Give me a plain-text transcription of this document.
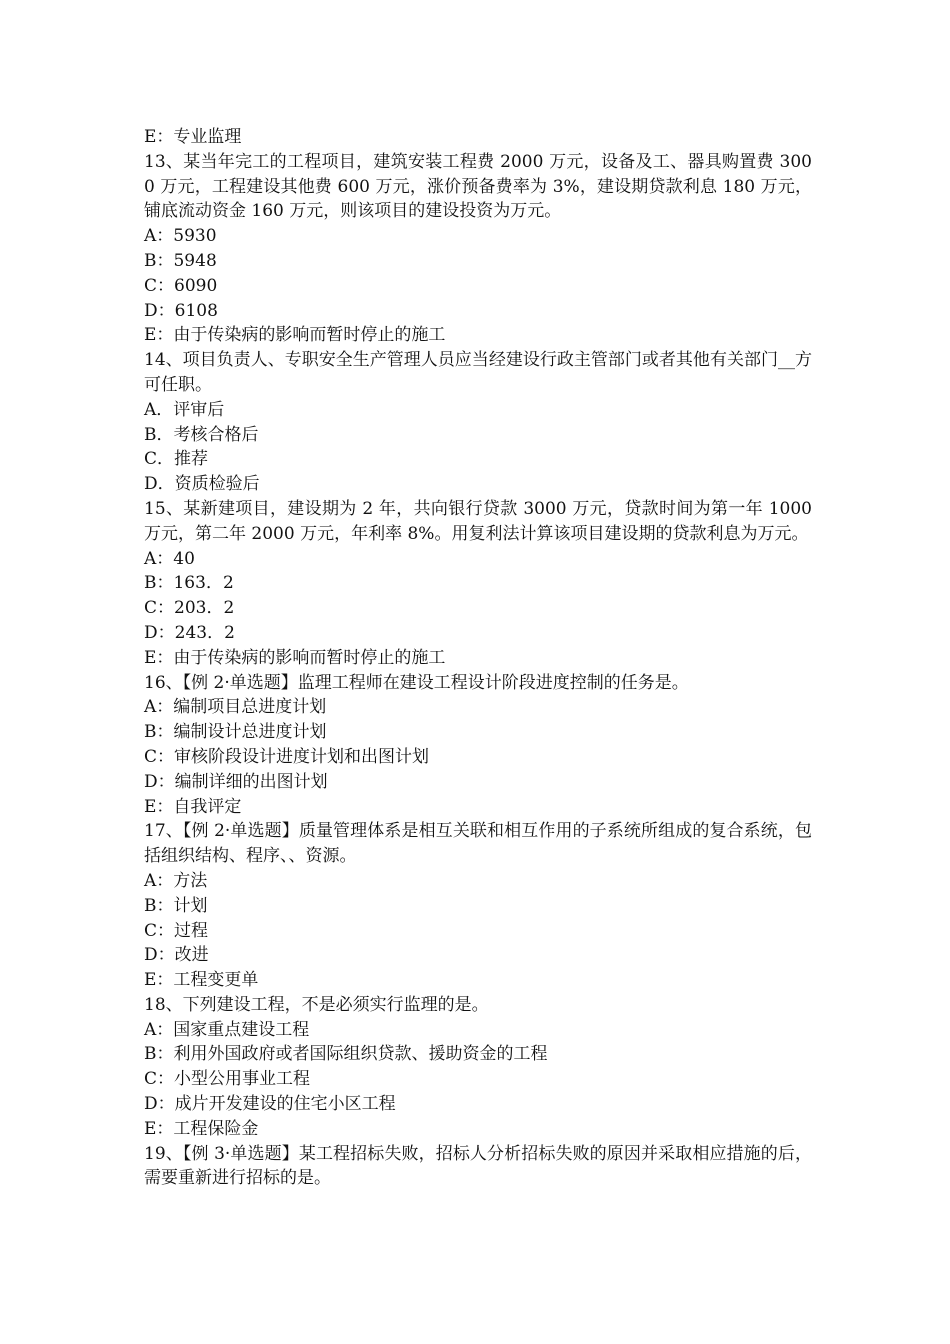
E：专业监理

13、某当年完工的工程项目，建筑安装工程费 2000 万元，设备及工、器具购置费 3000 万元，工程建设其他费 600 万元，涨价预备费率为 3%，建设期贷款利息 180 万元，铺底流动资金 160 万元，则该项目的建设投资为万元。

A：5930

B：5948

C：6090

D：6108

E：由于传染病的影响而暂时停止的施工

14、项目负责人、专职安全生产管理人员应当经建设行政主管部门或者其他有关部门__方可任职。

A．评审后

B．考核合格后

C．推荐

D．资质检验后

15、某新建项目，建设期为 2 年，共向银行贷款 3000 万元，贷款时间为第一年 1000 万元，第二年 2000 万元，年利率 8%。用复利法计算该项目建设期的贷款利息为万元。

A：40

B：163．2

C：203．2

D：243．2

E：由于传染病的影响而暂时停止的施工

16、【例 2·单选题】监理工程师在建设工程设计阶段进度控制的任务是。

A：编制项目总进度计划

B：编制设计总进度计划

C：审核阶段设计进度计划和出图计划

D：编制详细的出图计划

E：自我评定

17、【例 2·单选题】质量管理体系是相互关联和相互作用的子系统所组成的复合系统，包括组织结构、程序、、资源。

A：方法

B：计划

C：过程

D：改进

E：工程变更单

18、下列建设工程，不是必须实行监理的是。

A：国家重点建设工程

B：利用外国政府或者国际组织贷款、援助资金的工程

C：小型公用事业工程

D：成片开发建设的住宅小区工程

E：工程保险金

19、【例 3·单选题】某工程招标失败，招标人分析招标失败的原因并采取相应措施的后，需要重新进行招标的是。
